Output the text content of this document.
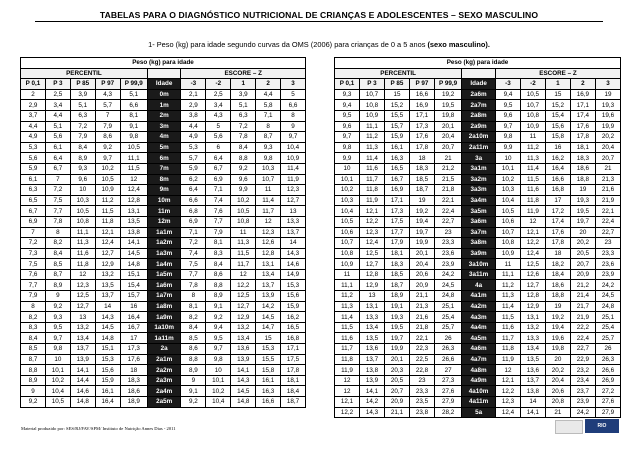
TABELAS PARA O DIAGNÓSTICO NUTRICIONAL DE CRIANÇAS E ADOLESCENTES – SEXO MASCULINO
1- Peso (kg) para idade segundo curvas da OMS (2006) para crianças de 0 a 5 anos (sexo masculino).
Peso (kg) para idade										
PERCENTIL						ESCORE – Z				
P 0,1	P 3	P 85	P 97	P 99,9	Idade	-3	-2	1	2	3
2	2,5	3,9	4,3	5,1	0m	2,1	2,5	3,9	4,4	5
2,9	3,4	5,1	5,7	6,6	1m	2,9	3,4	5,1	5,8	6,6
3,7	4,4	6,3	7	8,1	2m	3,8	4,3	6,3	7,1	8
4,4	5,1	7,2	7,9	9,1	3m	4,4	5	7,2	8	9
4,9	5,6	7,9	8,6	9,8	4m	4,9	5,6	7,8	8,7	9,7
5,3	6,1	8,4	9,2	10,5	5m	5,3	6	8,4	9,3	10,4
5,6	6,4	8,9	9,7	11,1	6m	5,7	6,4	8,8	9,8	10,9
5,9	6,7	9,3	10,2	11,5	7m	5,9	6,7	9,2	10,3	11,4
6,1	7	9,6	10,5	12	8m	6,2	6,9	9,6	10,7	11,9
6,3	7,2	10	10,9	12,4	9m	6,4	7,1	9,9	11	12,3
6,5	7,5	10,3	11,2	12,8	10m	6,6	7,4	10,2	11,4	12,7
6,7	7,7	10,5	11,5	13,1	11m	6,8	7,6	10,5	11,7	13
6,9	7,8	10,8	11,8	13,5	12m	6,9	7,7	10,8	12	13,3
7	8	11,1	12,1	13,8	1a1m	7,1	7,9	11	12,3	13,7
7,2	8,2	11,3	12,4	14,1	1a2m	7,2	8,1	11,3	12,6	14
7,3	8,4	11,6	12,7	14,5	1a3m	7,4	8,3	11,5	12,8	14,3
7,5	8,5	11,8	12,9	14,8	1a4m	7,5	8,4	11,7	13,1	14,6
7,6	8,7	12	13,2	15,1	1a5m	7,7	8,6	12	13,4	14,9
7,7	8,9	12,3	13,5	15,4	1a6m	7,8	8,8	12,2	13,7	15,3
7,9	9	12,5	13,7	15,7	1a7m	8	8,9	12,5	13,9	15,6
8	9,2	12,7	14	16	1a8m	8,1	9,1	12,7	14,2	15,9
8,2	9,3	13	14,3	16,4	1a9m	8,2	9,2	12,9	14,5	16,2
8,3	9,5	13,2	14,5	16,7	1a10m	8,4	9,4	13,2	14,7	16,5
8,4	9,7	13,4	14,8	17	1a11m	8,5	9,5	13,4	15	16,8
8,5	9,8	13,7	15,1	17,3	2a	8,6	9,7	13,6	15,3	17,1
8,7	10	13,9	15,3	17,6	2a1m	8,8	9,8	13,9	15,5	17,5
8,8	10,1	14,1	15,6	18	2a2m	8,9	10	14,1	15,8	17,8
8,9	10,2	14,4	15,9	18,3	2a3m	9	10,1	14,3	16,1	18,1
9	10,4	14,6	16,1	18,6	2a4m	9,1	10,2	14,5	16,3	18,4
9,2	10,5	14,8	16,4	18,9	2a5m	9,2	10,4	14,8	16,6	18,7
Peso (kg) para idade										
PERCENTIL						ESCORE – Z				
P 0,1	P 3	P 85	P 97	P 99,9	Idade	-3	-2	1	2	3
9,3	10,7	15	16,6	19,2	2a6m	9,4	10,5	15	16,9	19
9,4	10,8	15,2	16,9	19,5	2a7m	9,5	10,7	15,2	17,1	19,3
9,5	10,9	15,5	17,1	19,8	2a8m	9,6	10,8	15,4	17,4	19,6
9,6	11,1	15,7	17,3	20,1	2a9m	9,7	10,9	15,6	17,6	19,9
9,7	11,2	15,9	17,6	20,4	2a10m	9,8	11	15,8	17,8	20,2
9,8	11,3	16,1	17,8	20,7	2a11m	9,9	11,2	16	18,1	20,4
9,9	11,4	16,3	18	21	3a	10	11,3	16,2	18,3	20,7
10	11,6	16,5	18,3	21,2	3a1m	10,1	11,4	16,4	18,6	21
10,1	11,7	16,7	18,5	21,5	3a2m	10,2	11,5	16,6	18,8	21,3
10,2	11,8	16,9	18,7	21,8	3a3m	10,3	11,6	16,8	19	21,6
10,3	11,9	17,1	19	22,1	3a4m	10,4	11,8	17	19,3	21,9
10,4	12,1	17,3	19,2	22,4	3a5m	10,5	11,9	17,2	19,5	22,1
10,5	12,2	17,5	19,4	22,7	3a6m	10,6	12	17,4	19,7	22,4
10,6	12,3	17,7	19,7	23	3a7m	10,7	12,1	17,6	20	22,7
10,7	12,4	17,9	19,9	23,3	3a8m	10,8	12,2	17,8	20,2	23
10,8	12,5	18,1	20,1	23,6	3a9m	10,9	12,4	18	20,5	23,3
10,9	12,7	18,3	20,4	23,9	3a10m	11	12,5	18,2	20,7	23,6
11	12,8	18,5	20,6	24,2	3a11m	11,1	12,6	18,4	20,9	23,9
11,1	12,9	18,7	20,9	24,5	4a	11,2	12,7	18,6	21,2	24,2
11,2	13	18,9	21,1	24,8	4a1m	11,3	12,8	18,8	21,4	24,5
11,3	13,1	19,1	21,3	25,1	4a2m	11,4	12,9	19	21,7	24,8
11,4	13,3	19,3	21,6	25,4	4a3m	11,5	13,1	19,2	21,9	25,1
11,5	13,4	19,5	21,8	25,7	4a4m	11,6	13,2	19,4	22,2	25,4
11,6	13,5	19,7	22,1	26	4a5m	11,7	13,3	19,6	22,4	25,7
11,7	13,6	19,9	22,3	26,3	4a6m	11,8	13,4	19,8	22,7	26
11,8	13,7	20,1	22,5	26,6	4a7m	11,9	13,5	20	22,9	26,3
11,9	13,8	20,3	22,8	27	4a8m	12	13,6	20,2	23,2	26,6
12	13,9	20,5	23	27,3	4a9m	12,1	13,7	20,4	23,4	26,9
12	14,1	20,7	23,3	27,6	4a10m	12,2	13,8	20,6	23,7	27,2
12,1	14,2	20,9	23,5	27,9	4a11m	12,3	14	20,8	23,9	27,6
12,2	14,3	21,1	23,8	28,2	5a	12,4	14,1	21	24,2	27,9
Material produzido por: SES/RJ/FAV/SPM/ Instituto de Nutrição Annes Dias - 2011	RIO
